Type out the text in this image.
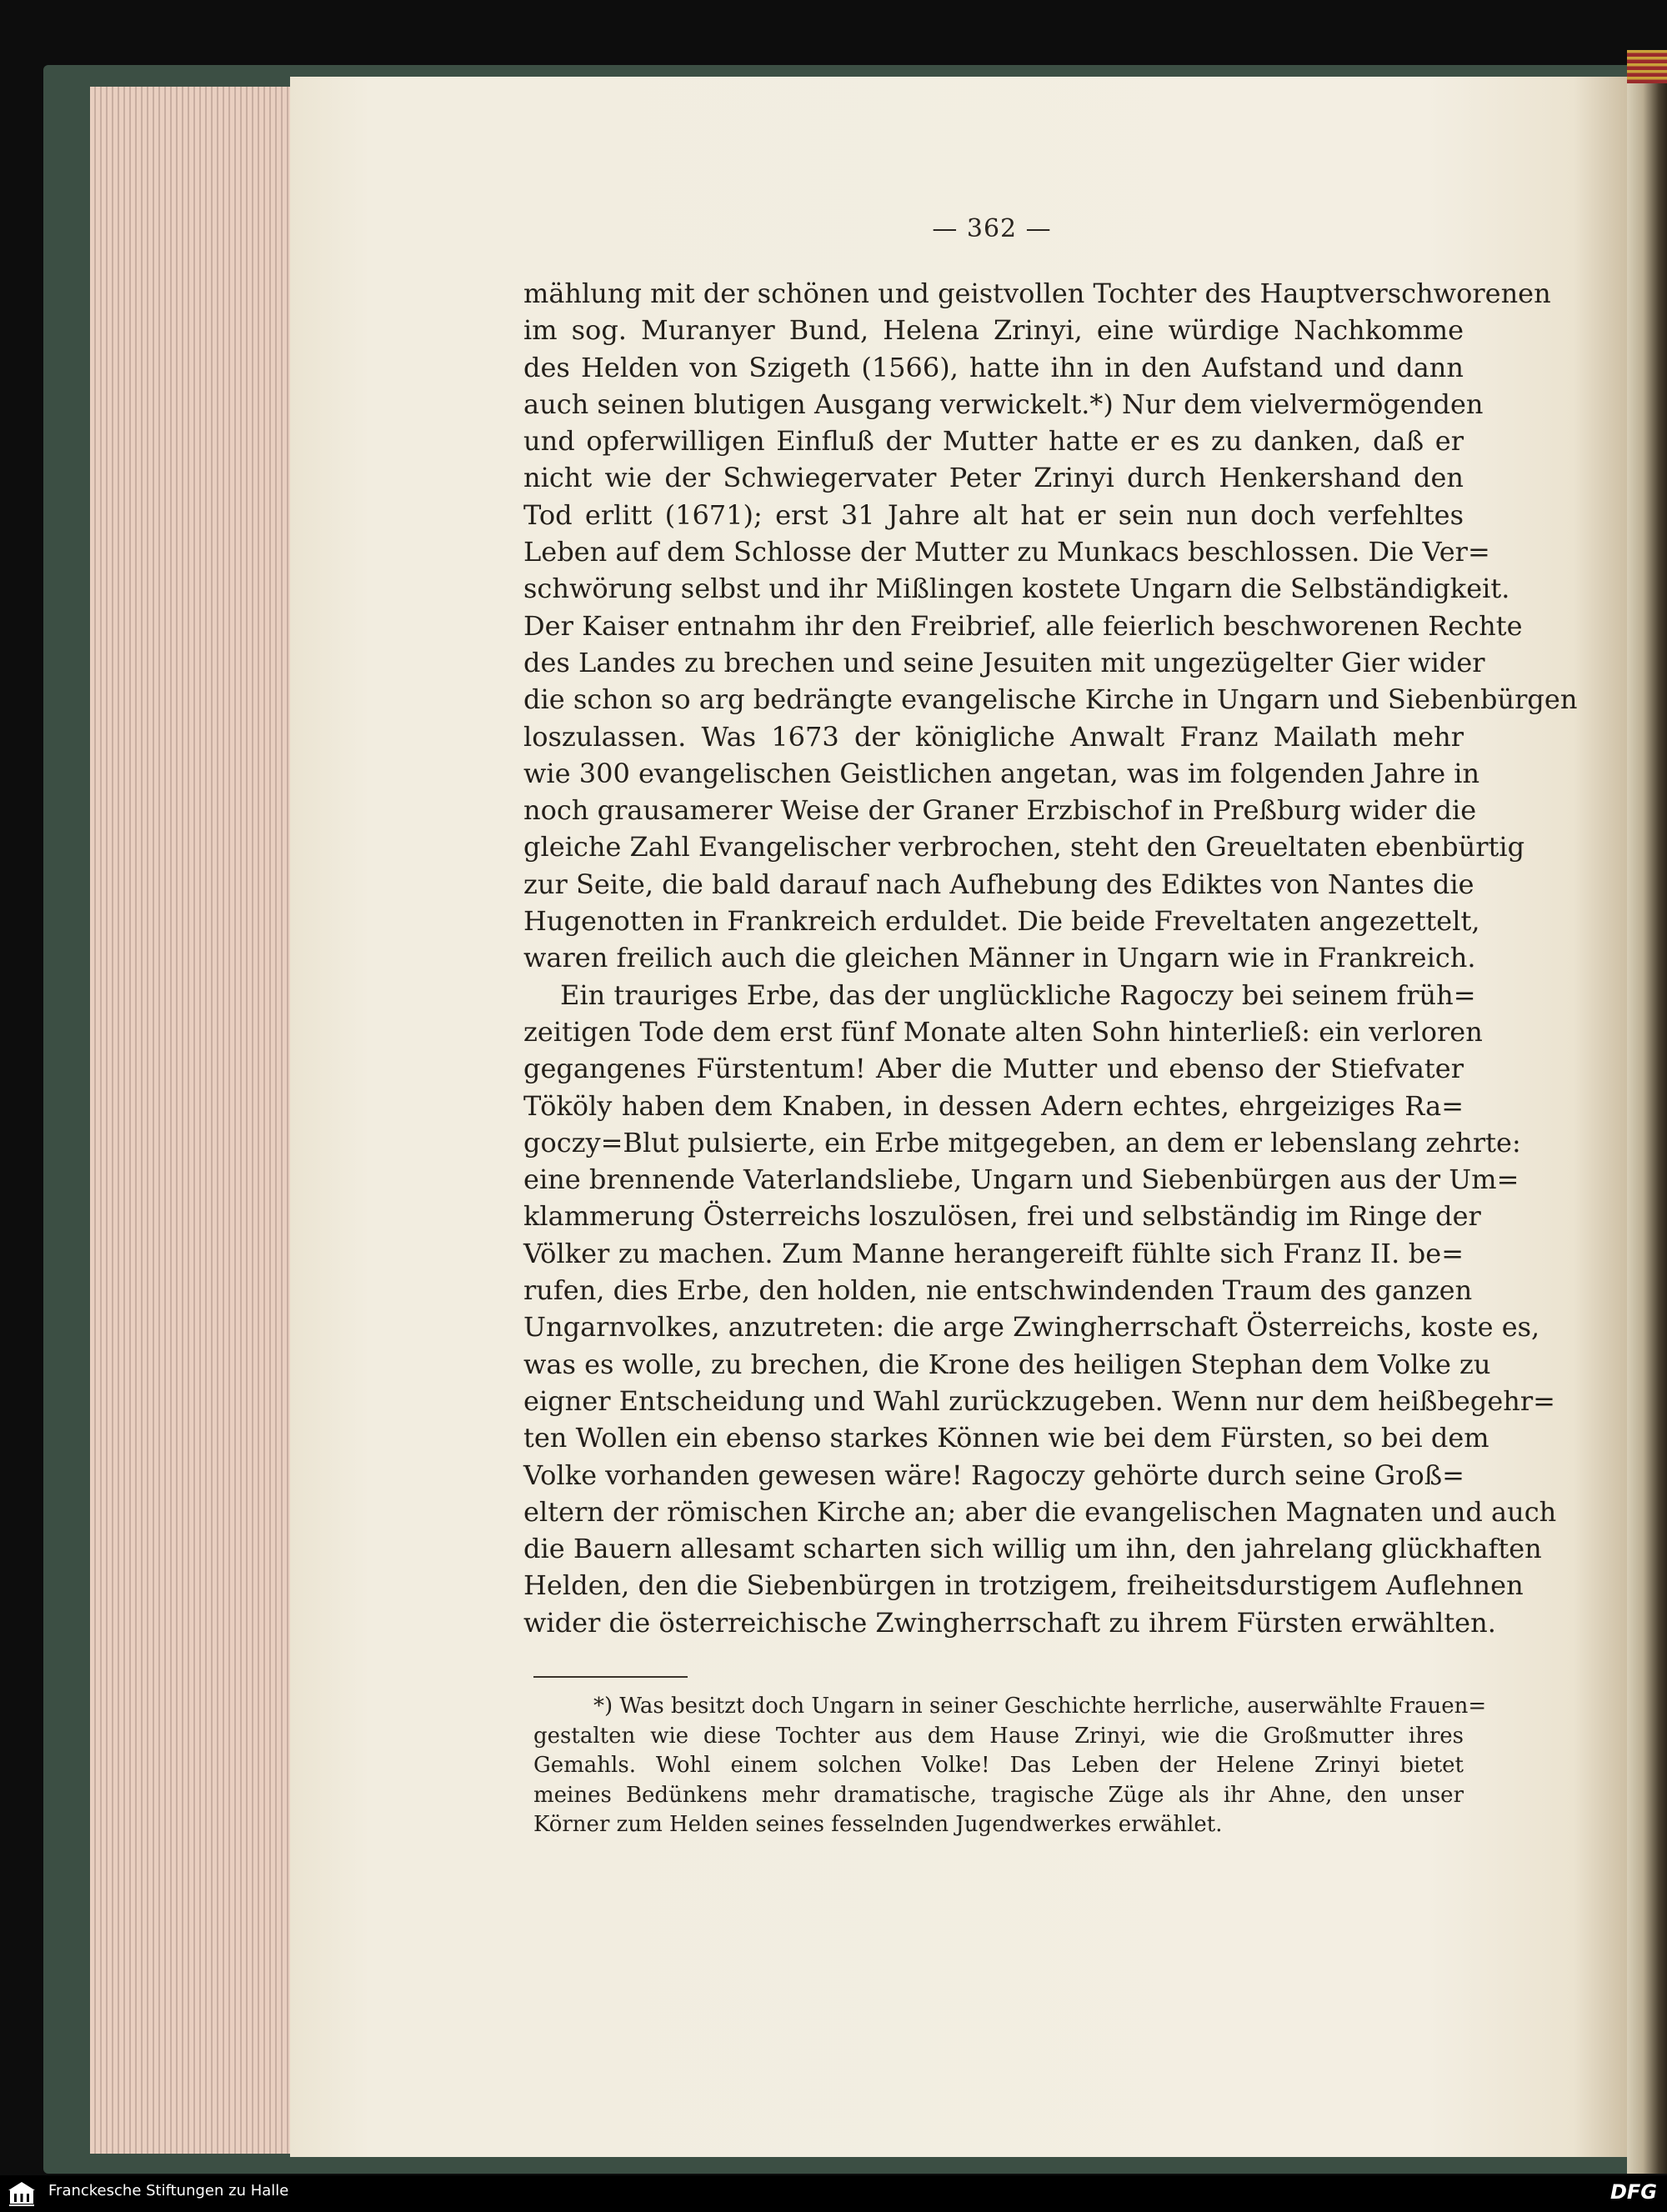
— 362 —
mählung mit der schönen und geistvollen Tochter des Hauptverschworenen
im sog. Muranyer Bund, Helena Zrinyi, eine würdige Nachkomme
des Helden von Szigeth (1566), hatte ihn in den Aufstand und dann
auch seinen blutigen Ausgang verwickelt.*) Nur dem vielvermögenden
und opferwilligen Einfluß der Mutter hatte er es zu danken, daß er
nicht wie der Schwiegervater Peter Zrinyi durch Henkershand den
Tod erlitt (1671); erst 31 Jahre alt hat er sein nun doch verfehltes
Leben auf dem Schlosse der Mutter zu Munkacs beschlossen. Die Ver=
schwörung selbst und ihr Mißlingen kostete Ungarn die Selbständigkeit.
Der Kaiser entnahm ihr den Freibrief, alle feierlich beschworenen Rechte
des Landes zu brechen und seine Jesuiten mit ungezügelter Gier wider
die schon so arg bedrängte evangelische Kirche in Ungarn und Siebenbürgen
loszulassen. Was 1673 der königliche Anwalt Franz Mailath mehr
wie 300 evangelischen Geistlichen angetan, was im folgenden Jahre in
noch grausamerer Weise der Graner Erzbischof in Preßburg wider die
gleiche Zahl Evangelischer verbrochen, steht den Greueltaten ebenbürtig
zur Seite, die bald darauf nach Aufhebung des Ediktes von Nantes die
Hugenotten in Frankreich erduldet. Die beide Freveltaten angezettelt,
waren freilich auch die gleichen Männer in Ungarn wie in Frankreich.
Ein trauriges Erbe, das der unglückliche Ragoczy bei seinem früh=
zeitigen Tode dem erst fünf Monate alten Sohn hinterließ: ein verloren
gegangenes Fürstentum! Aber die Mutter und ebenso der Stiefvater
Tököly haben dem Knaben, in dessen Adern echtes, ehrgeiziges Ra=
goczy=Blut pulsierte, ein Erbe mitgegeben, an dem er lebenslang zehrte:
eine brennende Vaterlandsliebe, Ungarn und Siebenbürgen aus der Um=
klammerung Österreichs loszulösen, frei und selbständig im Ringe der
Völker zu machen. Zum Manne herangereift fühlte sich Franz II. be=
rufen, dies Erbe, den holden, nie entschwindenden Traum des ganzen
Ungarnvolkes, anzutreten: die arge Zwingherrschaft Österreichs, koste es,
was es wolle, zu brechen, die Krone des heiligen Stephan dem Volke zu
eigner Entscheidung und Wahl zurückzugeben. Wenn nur dem heißbegehr=
ten Wollen ein ebenso starkes Können wie bei dem Fürsten, so bei dem
Volke vorhanden gewesen wäre! Ragoczy gehörte durch seine Groß=
eltern der römischen Kirche an; aber die evangelischen Magnaten und auch
die Bauern allesamt scharten sich willig um ihn, den jahrelang glückhaften
Helden, den die Siebenbürgen in trotzigem, freiheitsdurstigem Auflehnen
wider die österreichische Zwingherrschaft zu ihrem Fürsten erwählten.
*) Was besitzt doch Ungarn in seiner Geschichte herrliche, auserwählte Frauen=
gestalten wie diese Tochter aus dem Hause Zrinyi, wie die Großmutter ihres
Gemahls. Wohl einem solchen Volke! Das Leben der Helene Zrinyi bietet
meines Bedünkens mehr dramatische, tragische Züge als ihr Ahne, den unser
Körner zum Helden seines fesselnden Jugendwerkes erwählet.
Franckesche Stiftungen zu Halle	DFG
